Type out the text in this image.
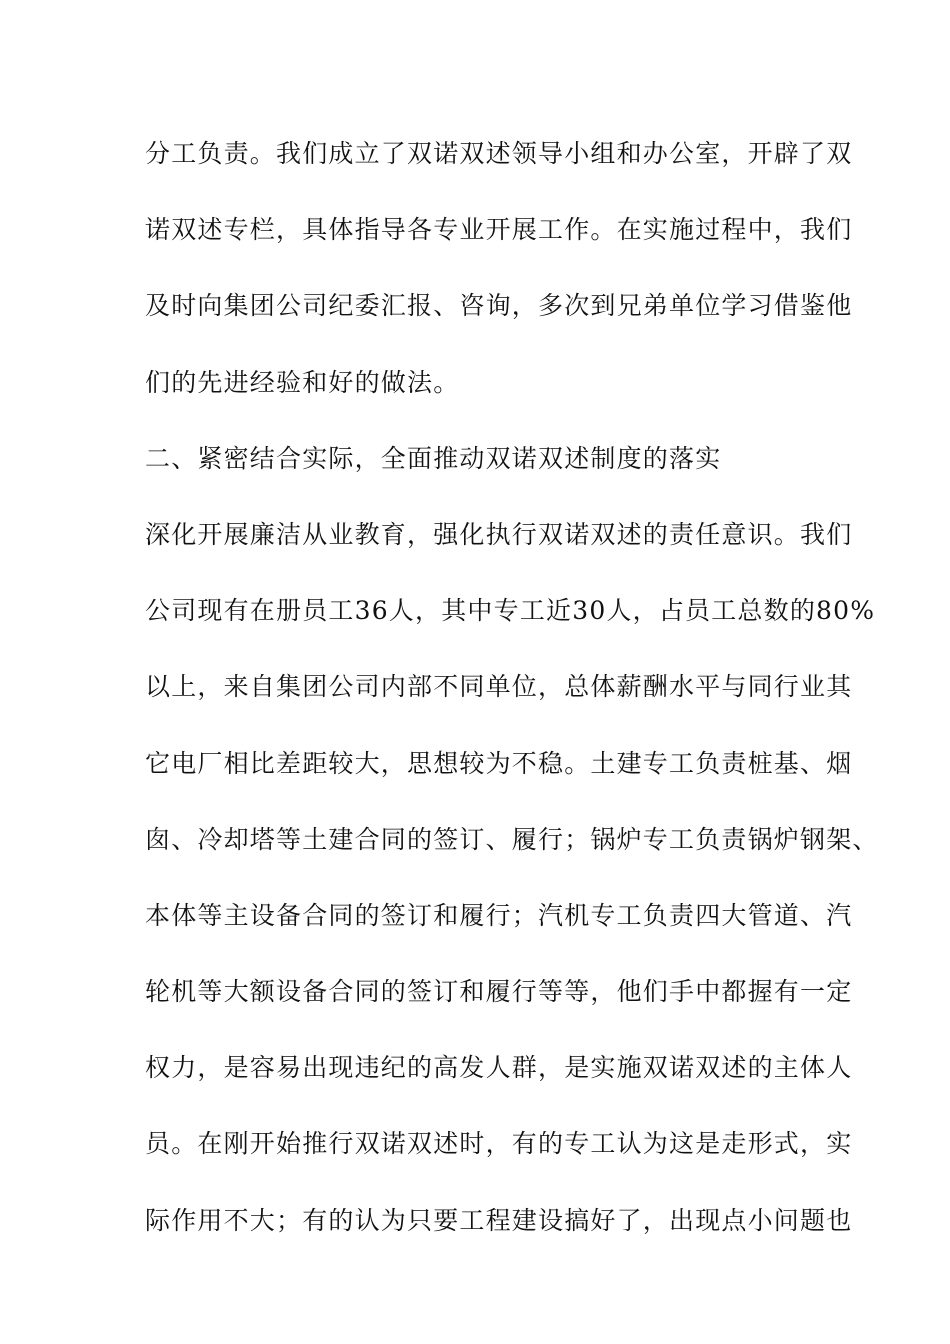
分工负责。我们成立了双诺双述领导小组和办公室，开辟了双
诺双述专栏，具体指导各专业开展工作。在实施过程中，我们
及时向集团公司纪委汇报、咨询，多次到兄弟单位学习借鉴他
们的先进经验和好的做法。
二、紧密结合实际，全面推动双诺双述制度的落实
深化开展廉洁从业教育，强化执行双诺双述的责任意识。我们
公司现有在册员工36人，其中专工近30人，占员工总数的80%
以上，来自集团公司内部不同单位，总体薪酬水平与同行业其
它电厂相比差距较大，思想较为不稳。土建专工负责桩基、烟
囱、冷却塔等土建合同的签订、履行；锅炉专工负责锅炉钢架、
本体等主设备合同的签订和履行；汽机专工负责四大管道、汽
轮机等大额设备合同的签订和履行等等，他们手中都握有一定
权力，是容易出现违纪的高发人群，是实施双诺双述的主体人
员。在刚开始推行双诺双述时，有的专工认为这是走形式，实
际作用不大；有的认为只要工程建设搞好了，出现点小问题也
